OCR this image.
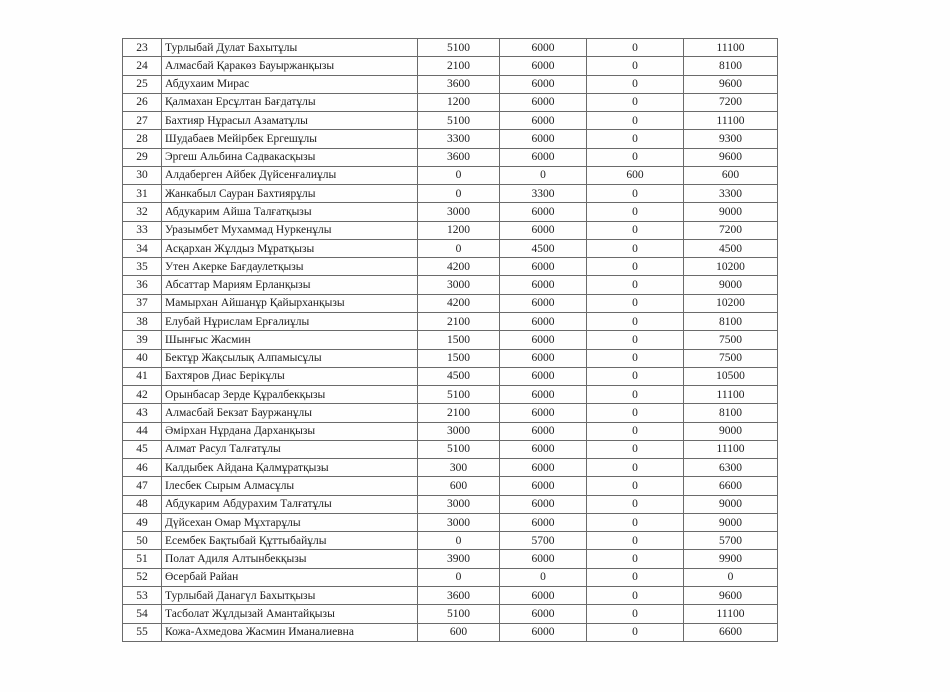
23	Турлыбай Дулат Бахытұлы	5100	6000	0	11100
24	Алмасбай Қаракөз Бауыржанқызы	2100	6000	0	8100
25	Абдухаим Мирас	3600	6000	0	9600
26	Қалмахан Ерсұлтан Бағдатұлы	1200	6000	0	7200
27	Бахтияр Нұрасыл Азаматұлы	5100	6000	0	11100
28	Шудабаев Мейірбек Ергешұлы	3300	6000	0	9300
29	Эргеш Альбина Садвакасқызы	3600	6000	0	9600
30	Алдаберген Айбек Дүйсенғалиұлы	0	0	600	600
31	Жанкабыл Сауран Бахтиярұлы	0	3300	0	3300
32	Абдукарим Айша Талғатқызы	3000	6000	0	9000
33	Уразымбет Мухаммад Нуркенұлы	1200	6000	0	7200
34	Асқархан Жұлдыз Мұратқызы	0	4500	0	4500
35	Утен Акерке Бағдаулетқызы	4200	6000	0	10200
36	Абсаттар Мариям Ерланқызы	3000	6000	0	9000
37	Мамырхан Айшанұр Қайырханқызы	4200	6000	0	10200
38	Елубай Нұрислам Ерғалиұлы	2100	6000	0	8100
39	Шынғыс Жасмин	1500	6000	0	7500
40	Бектұр Жақсылық Алпамысұлы	1500	6000	0	7500
41	Бахтяров Диас Берікұлы	4500	6000	0	10500
42	Орынбасар Зерде Құралбекқызы	5100	6000	0	11100
43	Алмасбай Бекзат Бауржанұлы	2100	6000	0	8100
44	Әмірхан Нұрдана Дарханқызы	3000	6000	0	9000
45	Алмат Расул Талғатұлы	5100	6000	0	11100
46	Калдыбек Айдана Қалмұратқызы	300	6000	0	6300
47	Ілесбек Сырым Алмасұлы	600	6000	0	6600
48	Абдукарим Абдурахим Талғатұлы	3000	6000	0	9000
49	Дүйсехан Омар Мұхтарұлы	3000	6000	0	9000
50	Есембек Бақтыбай Құттыбайұлы	0	5700	0	5700
51	Полат Адиля Алтынбекқызы	3900	6000	0	9900
52	Өсербай Райан	0	0	0	0
53	Турлыбай Данагүл Бахытқызы	3600	6000	0	9600
54	Тасболат Жұлдызай Амантайқызы	5100	6000	0	11100
55	Кожа-Ахмедова Жасмин Иманалиевна	600	6000	0	6600
